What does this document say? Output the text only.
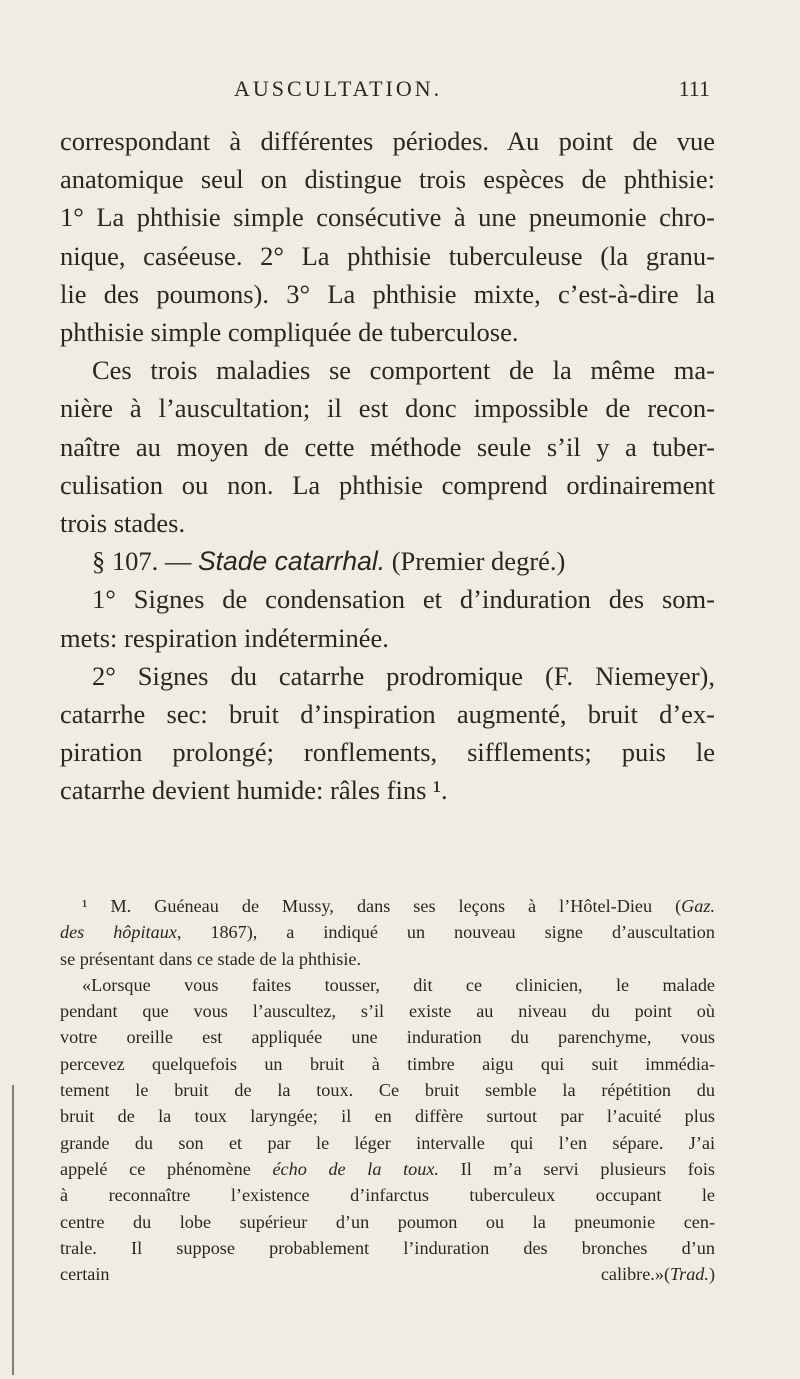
AUSCULTATION.	111

correspondant à différentes périodes. Au point de vue
anatomique seul on distingue trois espèces de phthisie:
1° La phthisie simple consécutive à une pneumonie chro-
nique, caséeuse. 2° La phthisie tuberculeuse (la granu-
lie des poumons). 3° La phthisie mixte, c’est-à-dire la
phthisie simple compliquée de tuberculose.

Ces trois maladies se comportent de la même ma-
nière à l’auscultation; il est donc impossible de recon-
naître au moyen de cette méthode seule s’il y a tuber-
culisation ou non. La phthisie comprend ordinairement
trois stades.

§ 107. — Stade catarrhal. (Premier degré.)

1° Signes de condensation et d’induration des som-
mets: respiration indéterminée.

2° Signes du catarrhe prodromique (F. Niemeyer),
catarrhe sec: bruit d’inspiration augmenté, bruit d’ex-
piration prolongé; ronflements, sifflements; puis le
catarrhe devient humide: râles fins ¹.

¹ M. Guéneau de Mussy, dans ses leçons à l’Hôtel-Dieu (Gaz.
des hôpitaux, 1867), a indiqué un nouveau signe d’auscultation
se présentant dans ce stade de la phthisie.
«Lorsque vous faites tousser, dit ce clinicien, le malade
pendant que vous l’auscultez, s’il existe au niveau du point où
votre oreille est appliquée une induration du parenchyme, vous
percevez quelquefois un bruit à timbre aigu qui suit immédia-
tement le bruit de la toux. Ce bruit semble la répétition du
bruit de la toux laryngée; il en diffère surtout par l’acuité plus
grande du son et par le léger intervalle qui l’en sépare. J’ai
appelé ce phénomène écho de la toux. Il m’a servi plusieurs fois
à reconnaître l’existence d’infarctus tuberculeux occupant le
centre du lobe supérieur d’un poumon ou la pneumonie cen-
trale. Il suppose probablement l’induration des bronches d’un
certain calibre.»(Trad.)
